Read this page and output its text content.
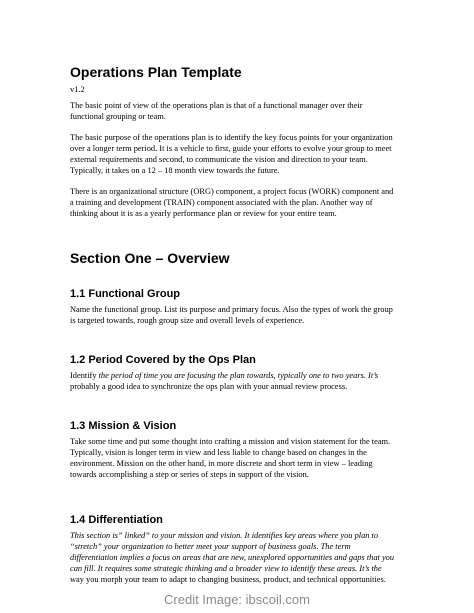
Operations Plan Template

v1.2

The basic point of view of the operations plan is that of a functional manager over their
functional grouping or team.

The basic purpose of the operations plan is to identify the key focus points for your organization
over a longer term period. It is a vehicle to first, guide your efforts to evolve your group to meet
external requirements and second, to communicate the vision and direction to your team.
Typically, it takes on a 12 – 18 month view towards the future.

There is an organizational structure (ORG) component, a project focus (WORK) component and
a training and development (TRAIN) component associated with the plan. Another way of
thinking about it is as a yearly performance plan or review for your entire team.

Section One – Overview
1.1 Functional Group

Name the functional group. List its purpose and primary focus. Also the types of work the group
is targeted towards, rough group size and overall levels of experience.

1.2 Period Covered by the Ops Plan

Identify the period of time you are focusing the plan towards, typically one to two years. It’s
probably a good idea to synchronize the ops plan with your annual review process.

1.3 Mission & Vision

Take some time and put some thought into crafting a mission and vision statement for the team.
Typically, vision is longer term in view and less liable to change based on changes in the
environment. Mission on the other hand, in more discrete and short term in view – leading
towards accomplishing a step or series of steps in support of the vision.

1.4 Differentiation

This section is” linked” to your mission and vision. It identifies key areas where you plan to
“stretch” your organization to better meet your support of business goals. The term
differentiation implies a focus on areas that are new, unexplored opportunities and gaps that you
can fill. It requires some strategic thinking and a broader view to identify these areas. It’s the
way you morph your team to adapt to changing business, product, and technical opportunities.

Credit Image: ibscoil.com
